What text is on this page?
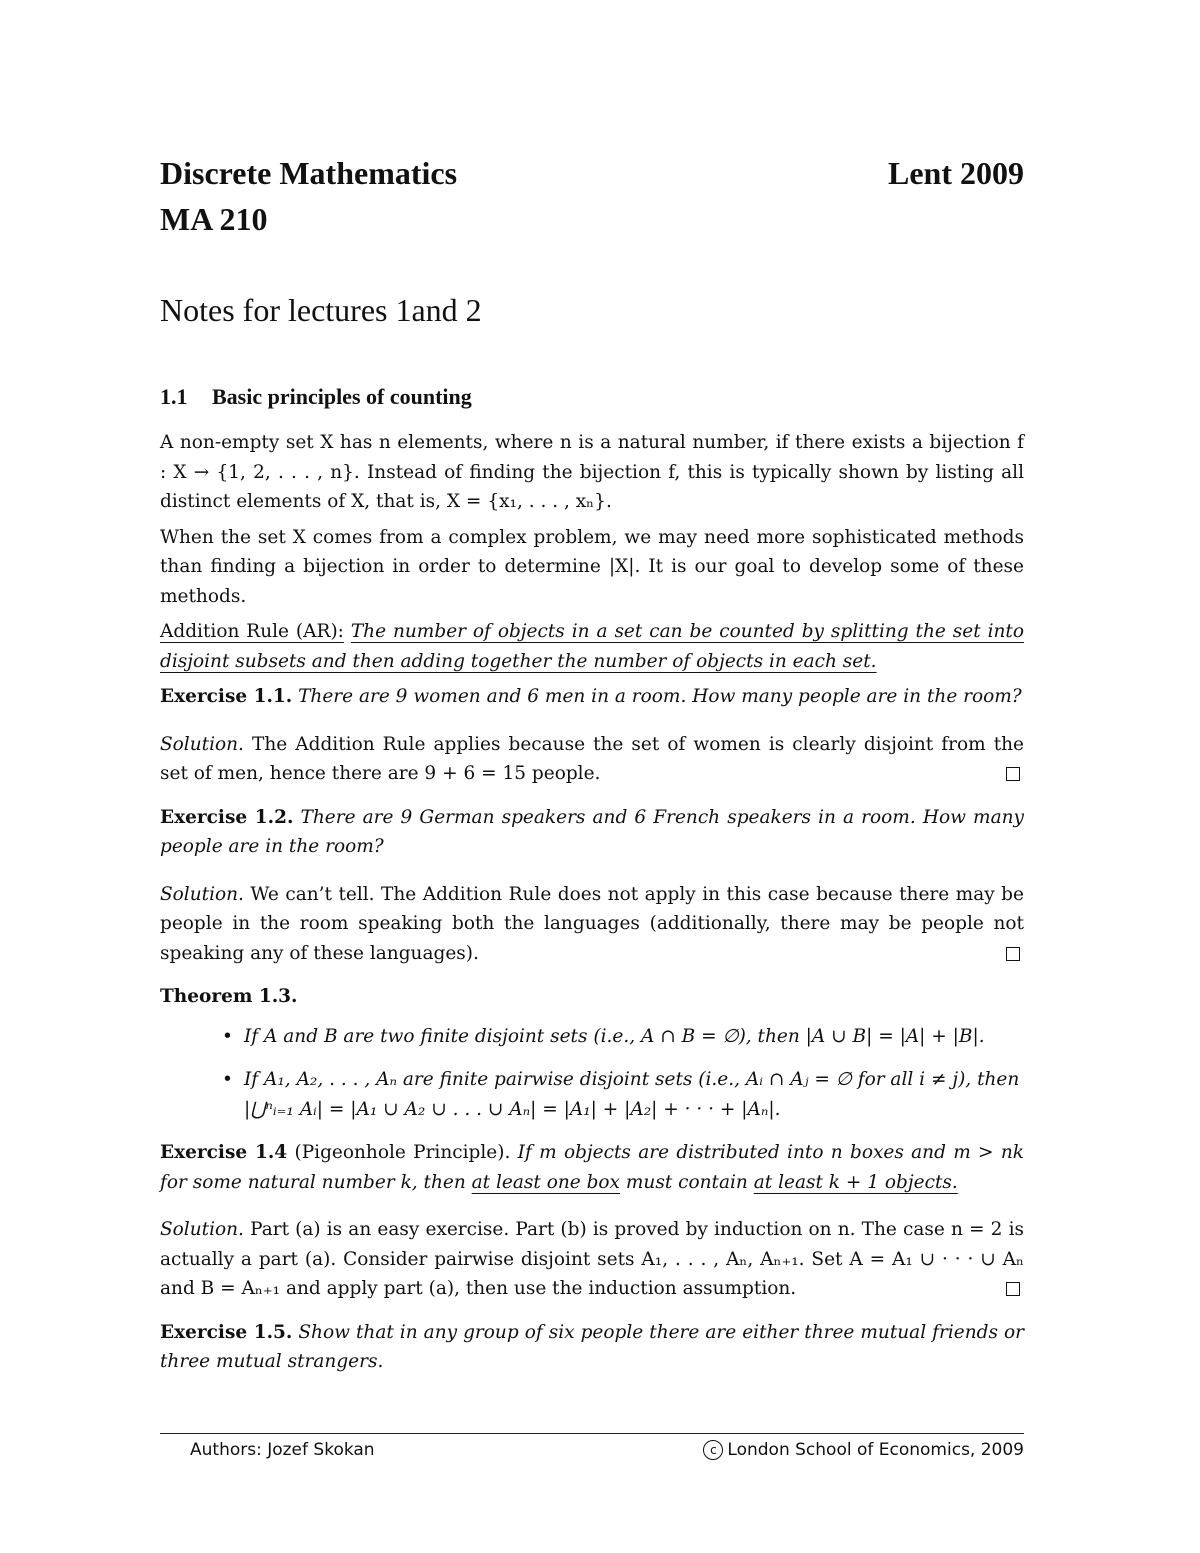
Discrete Mathematics	Lent 2009
MA 210
Notes for lectures 1and 2
1.1 Basic principles of counting

A non-empty set X has n elements, where n is a natural number, if there exists a bijection f : X → {1, 2, . . . , n}. Instead of finding the bijection f, this is typically shown by listing all distinct elements of X, that is, X = {x₁, . . . , xₙ}.

When the set X comes from a complex problem, we may need more sophisticated methods than finding a bijection in order to determine |X|. It is our goal to develop some of these methods.

Addition Rule (AR): The number of objects in a set can be counted by splitting the set into disjoint subsets and then adding together the number of objects in each set.

Exercise 1.1. There are 9 women and 6 men in a room. How many people are in the room?

Solution. The Addition Rule applies because the set of women is clearly disjoint from the set of men, hence there are 9 + 6 = 15 people.

Exercise 1.2. There are 9 German speakers and 6 French speakers in a room. How many people are in the room?

Solution. We can’t tell. The Addition Rule does not apply in this case because there may be people in the room speaking both the languages (additionally, there may be people not speaking any of these languages).

Theorem 1.3.

• If A and B are two finite disjoint sets (i.e., A ∩ B = ∅), then |A ∪ B| = |A| + |B|.
• If A₁, A₂, . . . , Aₙ are finite pairwise disjoint sets (i.e., Aᵢ ∩ Aⱼ = ∅ for all i ≠ j), then |⋃ⁿᵢ₌₁ Aᵢ| = |A₁ ∪ A₂ ∪ . . . ∪ Aₙ| = |A₁| + |A₂| + · · · + |Aₙ|.

Exercise 1.4 (Pigeonhole Principle). If m objects are distributed into n boxes and m > nk for some natural number k, then at least one box must contain at least k + 1 objects.

Solution. Part (a) is an easy exercise. Part (b) is proved by induction on n. The case n = 2 is actually a part (a). Consider pairwise disjoint sets A₁, . . . , Aₙ, Aₙ₊₁. Set A = A₁ ∪ · · · ∪ Aₙ and B = Aₙ₊₁ and apply part (a), then use the induction assumption.

Exercise 1.5. Show that in any group of six people there are either three mutual friends or three mutual strangers.

Authors: Jozef Skokan	c London School of Economics, 2009
